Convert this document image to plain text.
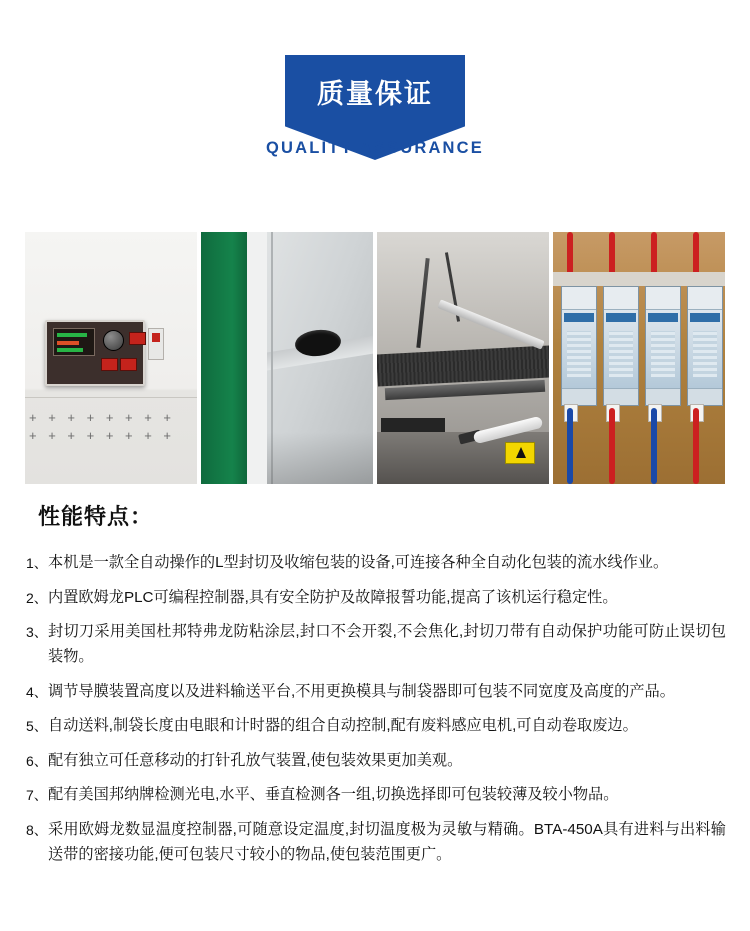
质量保证
QUALITY ASSURANCE
+ + + + + + + +
+ + + + + + + +
性能特点：
1、 本机是一款全自动操作的L型封切及收缩包装的设备,可连接各种全自动化包装的流水线作业。
2、 内置欧姆龙PLC可编程控制器,具有安全防护及故障报誓功能,提高了该机运行稳定性。
3、 封切刀采用美国杜邦特弗龙防粘涂层,封口不会开裂,不会焦化,封切刀带有自动保护功能可防止误切包装物。
4、 调节导膜装置高度以及进料输送平台,不用更换模具与制袋器即可包装不同宽度及高度的产品。
5、 自动送料,制袋长度由电眼和计时器的组合自动控制,配有废料感应电机,可自动卷取废边。
6、 配有独立可任意移动的打针孔放气装置,使包装效果更加美观。
7、 配有美国邦纳牌检测光电,水平、垂直检测各一组,切换选择即可包装较薄及较小物品。
8、 采用欧姆龙数显温度控制器,可随意设定温度,封切温度极为灵敏与精确。BTA-450A具有进料与出料输送带的密接功能,便可包装尺寸较小的物品,使包装范围更广。
